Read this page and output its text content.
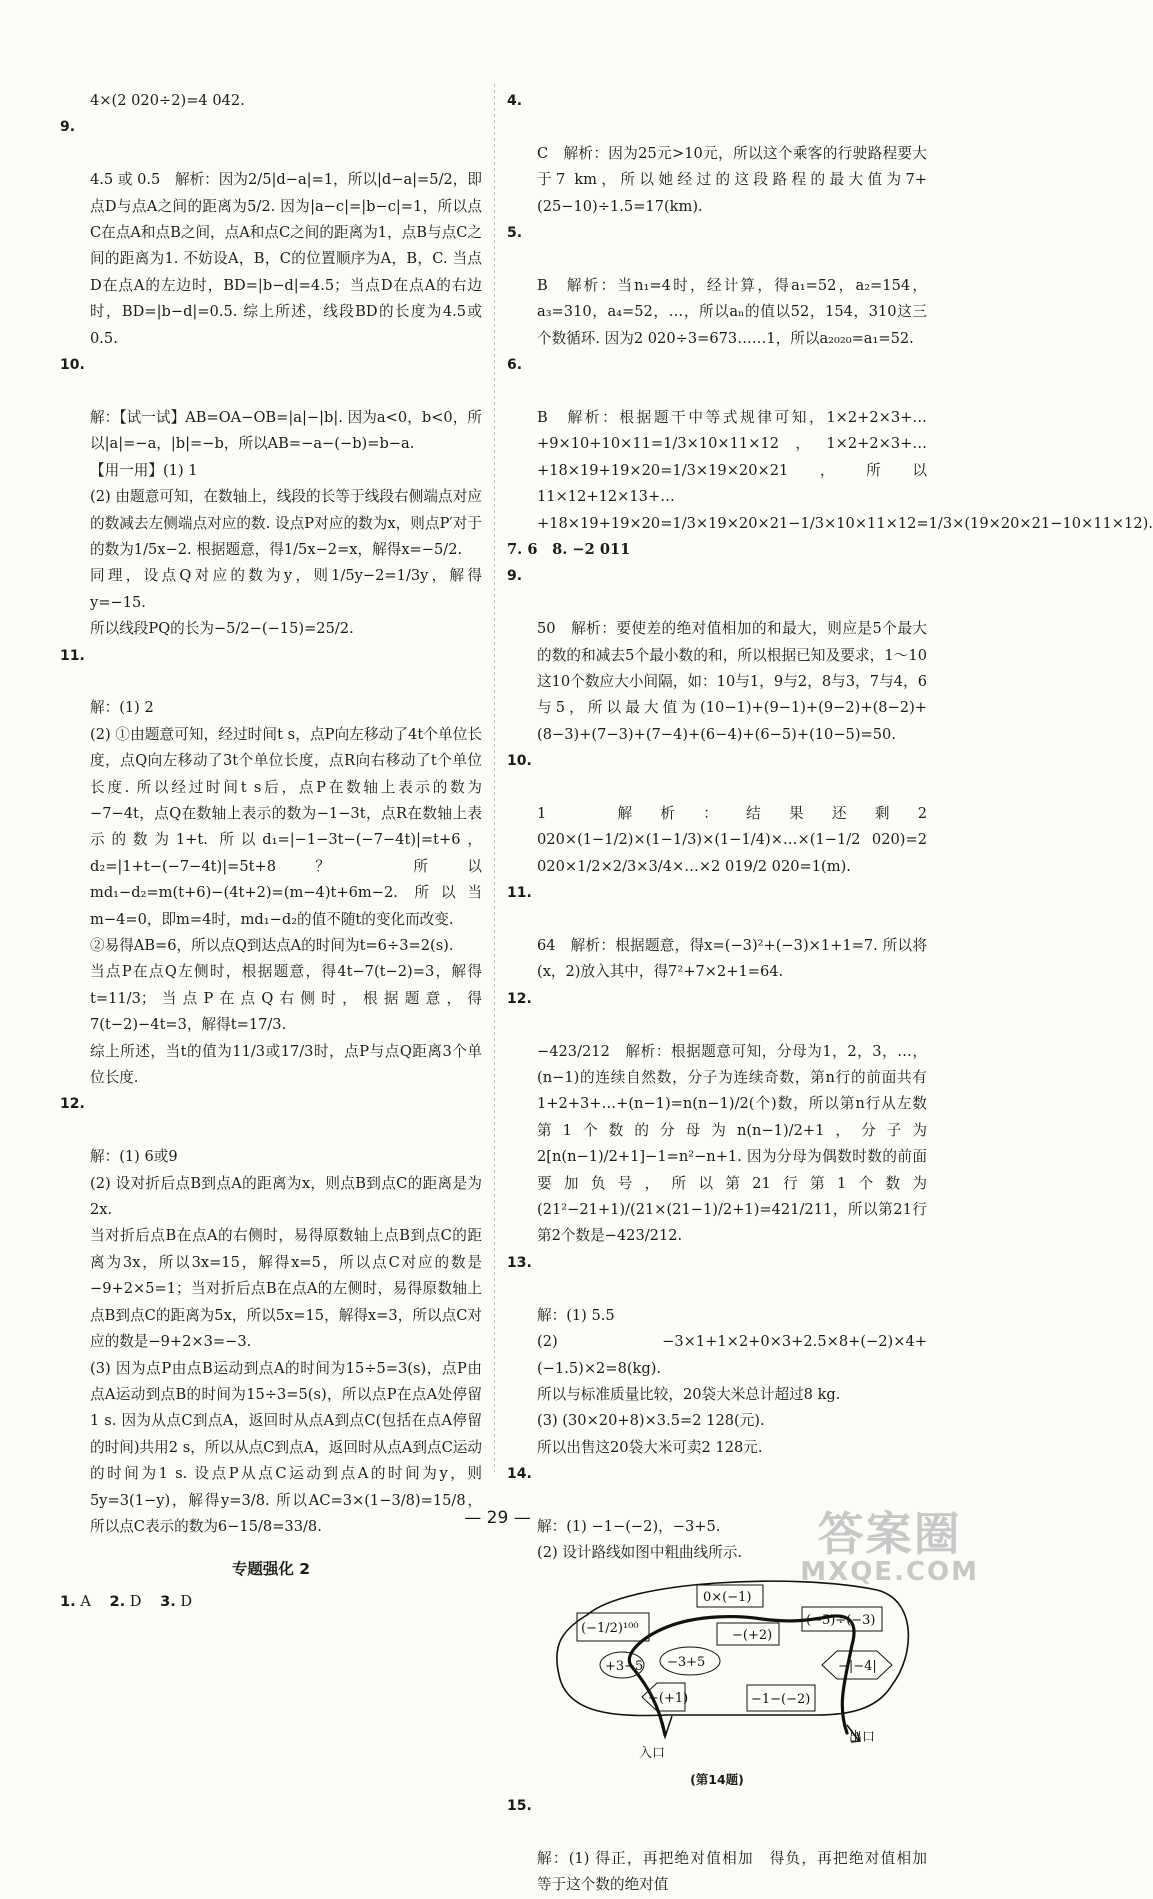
4×(2 020÷2)=4 042.

9.

4.5 或 0.5　解析：因为2/5|d−a|=1，所以|d−a|=5/2，即点D与点A之间的距离为5/2. 因为|a−c|=|b−c|=1，所以点C在点A和点B之间，点A和点C之间的距离为1，点B与点C之间的距离为1. 不妨设A，B，C的位置顺序为A，B，C. 当点D在点A的左边时，BD=|b−d|=4.5；当点D在点A的右边时，BD=|b−d|=0.5. 综上所述，线段BD的长度为4.5或0.5.

10.

解：【试一试】AB=OA−OB=|a|−|b|. 因为a<0，b<0，所以|a|=−a，|b|=−b，所以AB=−a−(−b)=b−a.
【用一用】(1) 1
(2) 由题意可知，在数轴上，线段的长等于线段右侧端点对应的数减去左侧端点对应的数. 设点P对应的数为x，则点P′对于的数为1/5x−2. 根据题意，得1/5x−2=x，解得x=−5/2.
同理，设点Q对应的数为y，则1/5y−2=1/3y，解得y=−15.
所以线段PQ的长为−5/2−(−15)=25/2.

11.

解：(1) 2
(2) ①由题意可知，经过时间t s，点P向左移动了4t个单位长度，点Q向左移动了3t个单位长度，点R向右移动了t个单位长度. 所以经过时间t s后，点P在数轴上表示的数为−7−4t，点Q在数轴上表示的数为−1−3t，点R在数轴上表示的数为1+t. 所以d₁=|−1−3t−(−7−4t)|=t+6，d₂=|1+t−(−7−4t)|=5t+8？ 所以md₁−d₂=m(t+6)−(4t+2)=(m−4)t+6m−2. 所以当m−4=0，即m=4时，md₁−d₂的值不随t的变化而改变.
②易得AB=6，所以点Q到达点A的时间为t=6÷3=2(s).
当点P在点Q左侧时，根据题意，得4t−7(t−2)=3，解得t=11/3；当点P在点Q右侧时，根据题意，得7(t−2)−4t=3，解得t=17/3.
综上所述，当t的值为11/3或17/3时，点P与点Q距离3个单位长度.

12.

解：(1) 6或9
(2) 设对折后点B到点A的距离为x，则点B到点C的距离是为2x.
当对折后点B在点A的右侧时，易得原数轴上点B到点C的距离为3x，所以3x=15，解得x=5，所以点C对应的数是−9+2×5=1；当对折后点B在点A的左侧时，易得原数轴上点B到点C的距离为5x，所以5x=15，解得x=3，所以点C对应的数是−9+2×3=−3.
(3) 因为点P由点B运动到点A的时间为15÷5=3(s)，点P由点A运动到点B的时间为15÷3=5(s)，所以点P在点A处停留1 s. 因为从点C到点A，返回时从点A到点C(包括在点A停留的时间)共用2 s，所以从点C到点A，返回时从点A到点C运动的时间为1 s. 设点P从点C运动到点A的时间为y，则5y=3(1−y)，解得y=3/8. 所以AC=3×(1−3/8)=15/8，所以点C表示的数为6−15/8=33/8.

专题强化 2
1. A 2. D 3. D

4.

C　解析：因为25元>10元，所以这个乘客的行驶路程要大于7 km，所以她经过的这段路程的最大值为7+(25−10)÷1.5=17(km).

5.

B　解析：当n₁=4时，经计算，得a₁=52，a₂=154，a₃=310，a₄=52，…，所以aₙ的值以52，154，310这三个数循环. 因为2 020÷3=673……1，所以a₂₀₂₀=a₁=52.

6.

B　解析：根据题干中等式规律可知，1×2+2×3+…+9×10+10×11=1/3×10×11×12，1×2+2×3+…+18×19+19×20=1/3×19×20×21，所以11×12+12×13+…+18×19+19×20=1/3×19×20×21−1/3×10×11×12=1/3×(19×20×21−10×11×12).

7. 6　8. −2 011

9.

50　解析：要使差的绝对值相加的和最大，则应是5个最大的数的和减去5个最小数的和，所以根据已知及要求，1～10这10个数应大小间隔，如：10与1，9与2，8与3，7与4，6与5，所以最大值为(10−1)+(9−1)+(9−2)+(8−2)+(8−3)+(7−3)+(7−4)+(6−4)+(6−5)+(10−5)=50.

10.

1　解析：结果还剩2 020×(1−1/2)×(1−1/3)×(1−1/4)×…×(1−1/2 020)=2 020×1/2×2/3×3/4×…×2 019/2 020=1(m).

11.

64　解析：根据题意，得x=(−3)²+(−3)×1+1=7. 所以将(x，2)放入其中，得7²+7×2+1=64.

12.

−423/212　解析：根据题意可知，分母为1，2，3，…，(n−1)的连续自然数，分子为连续奇数，第n行的前面共有1+2+3+…+(n−1)=n(n−1)/2(个)数，所以第n行从左数第1个数的分母为n(n−1)/2+1，分子为2[n(n−1)/2+1]−1=n²−n+1. 因为分母为偶数时数的前面要加负号，所以第21行第1个数为(21²−21+1)/(21×(21−1)/2+1)=421/211，所以第21行第2个数是−423/212.

13.

解：(1) 5.5
(2) −3×1+1×2+0×3+2.5×8+(−2)×4+(−1.5)×2=8(kg).
所以与标准质量比较，20袋大米总计超过8 kg.
(3) (30×20+8)×3.5=2 128(元).
所以出售这20袋大米可卖2 128元.

14.

解：(1) −1−(−2)，−3+5.
(2) 设计路线如图中粗曲线所示.

0×(−1)
(−1/2)¹⁰⁰
(−5)÷(−3)
−(+2)
−3+5
+3−5	−|−4|
−(+1)	−1−(−2)
入口
出口
(第14题)

15.

解：(1) 得正，再把绝对值相加　得负，再把绝对值相加　等于这个数的绝对值

— 29 —	答案圈
MXQE.COM
